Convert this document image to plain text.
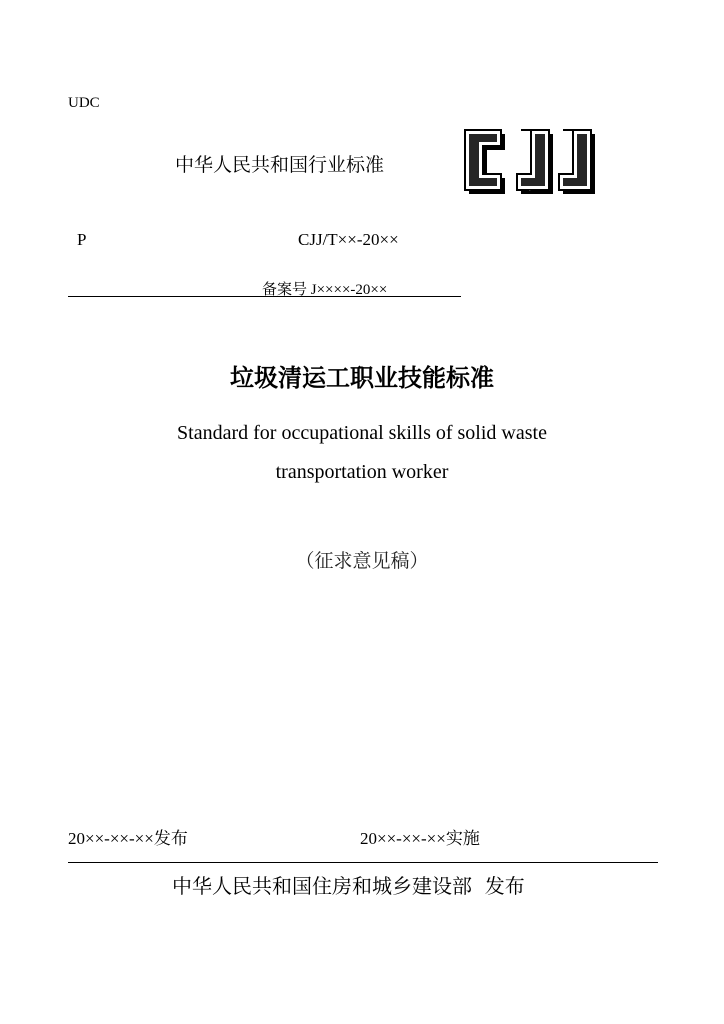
UDC
中华人民共和国行业标准
CJJ
P	CJJ/T××-20××
备案号 J××××-20××
垃圾清运工职业技能标准
Standard for occupational skills of solid waste
transportation worker
（征求意见稿）
20××-××-××发布	20××-××-××实施
中华人民共和国住房和城乡建设部  发布
